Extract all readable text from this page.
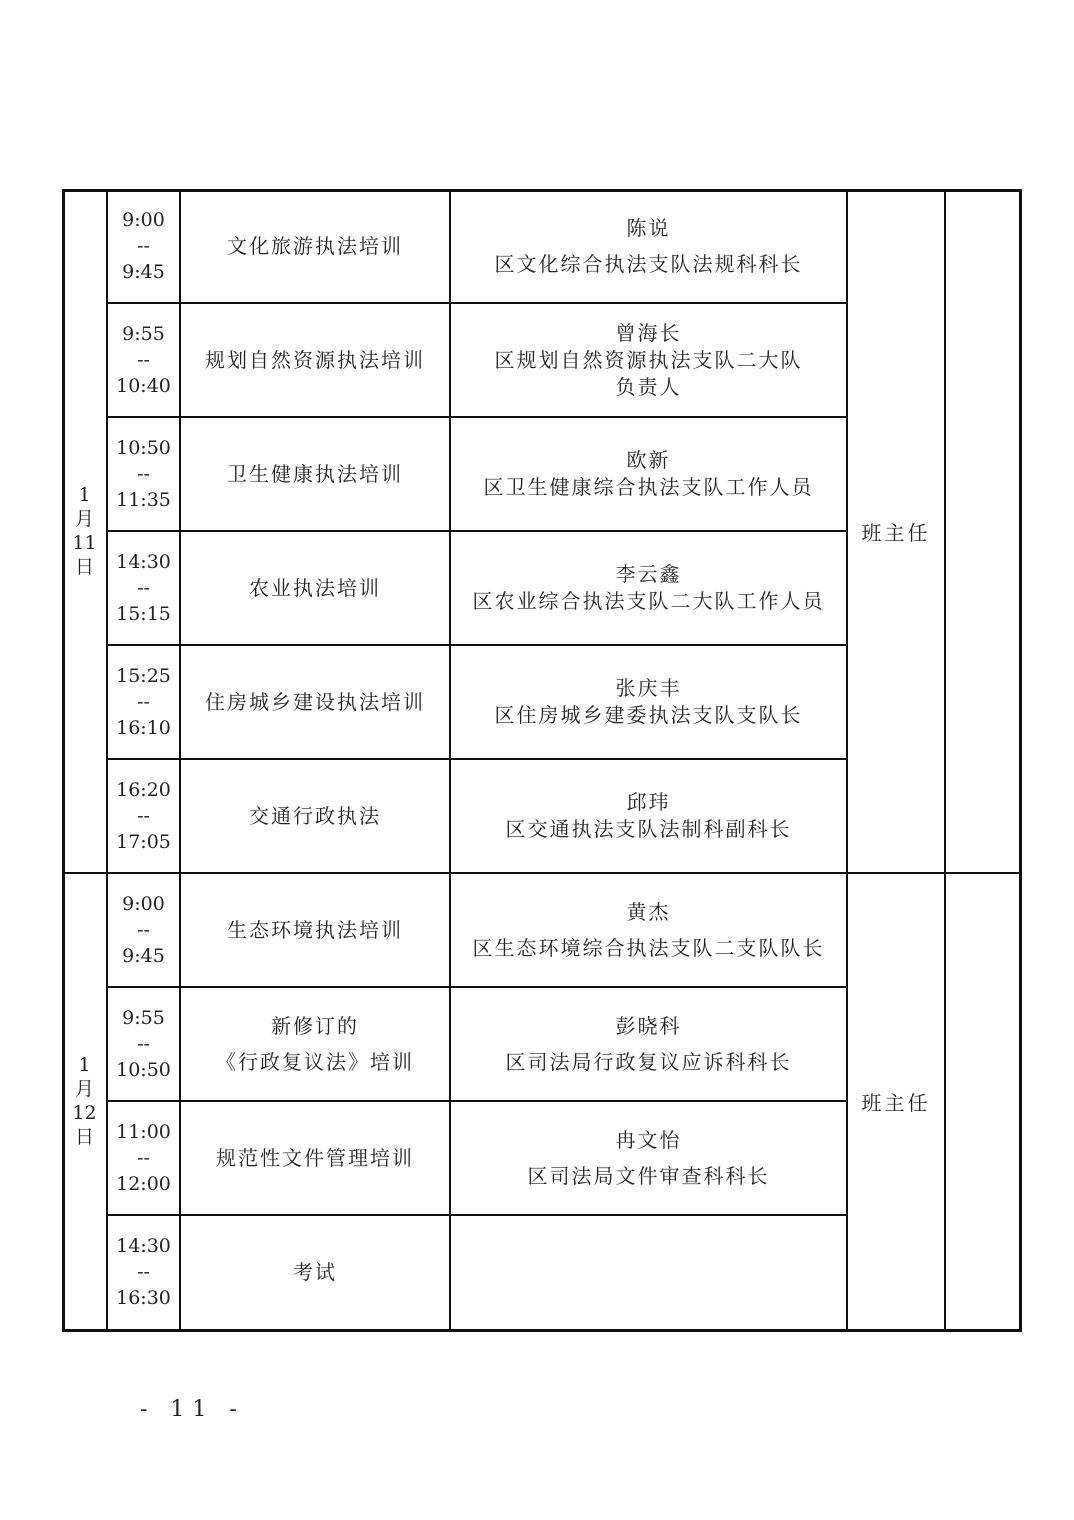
1
月
11
日
班主任
9:00
--
9:45
文化旅游执法培训
陈说
区文化综合执法支队法规科科长
9:55
--
10:40
规划自然资源执法培训
曾海长
区规划自然资源执法支队二大队
负责人
10:50
--
11:35
卫生健康执法培训
欧新
区卫生健康综合执法支队工作人员
14:30
--
15:15
农业执法培训
李云鑫
区农业综合执法支队二大队工作人员
15:25
--
16:10
住房城乡建设执法培训
张庆丰
区住房城乡建委执法支队支队长
16:20
--
17:05
交通行政执法
邱玮
区交通执法支队法制科副科长
1
月
12
日
班主任
9:00
--
9:45
生态环境执法培训
黄杰
区生态环境综合执法支队二支队队长
9:55
--
10:50
新修订的
《行政复议法》培训
彭晓科
区司法局行政复议应诉科科长
11:00
--
12:00
规范性文件管理培训
冉文怡
区司法局文件审查科科长
14:30
--
16:30
考试
- 11 -
